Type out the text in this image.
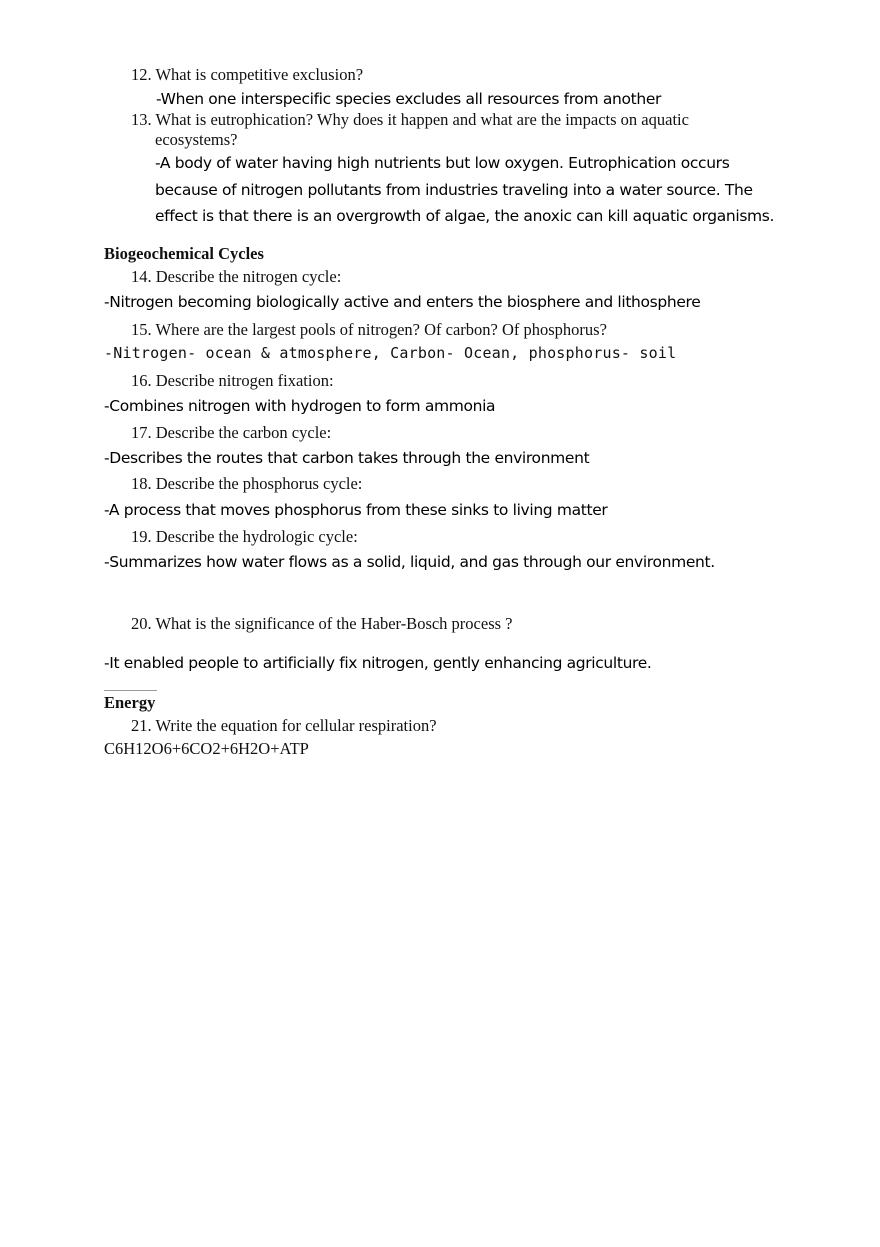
12. What is competitive exclusion?
-When one interspecific species excludes all resources from another
13. What is eutrophication? Why does it happen and what are the impacts on aquatic ecosystems?
-A body of water having high nutrients but low oxygen. Eutrophication occurs because of nitrogen pollutants from industries traveling into a water source. The effect is that there is an overgrowth of algae, the anoxic can kill aquatic organisms.
Biogeochemical Cycles
14. Describe the nitrogen cycle:
-Nitrogen becoming biologically active and enters the biosphere and lithosphere
15. Where are the largest pools of nitrogen? Of carbon? Of phosphorus?
-Nitrogen- ocean & atmosphere, Carbon- Ocean, phosphorus- soil
16. Describe nitrogen fixation:
-Combines nitrogen with hydrogen to form ammonia
17. Describe the carbon cycle:
-Describes the routes that carbon takes through the environment
18. Describe the phosphorus cycle:
-A process that moves phosphorus from these sinks to living matter
19. Describe the hydrologic cycle:
-Summarizes how water flows as a solid, liquid, and gas through our environment.
20. What is the significance of the Haber-Bosch process ?
-It enabled people to artificially fix nitrogen, gently enhancing agriculture.
Energy
21. Write the equation for cellular respiration?
C6H12O6+6CO2+6H2O+ATP
